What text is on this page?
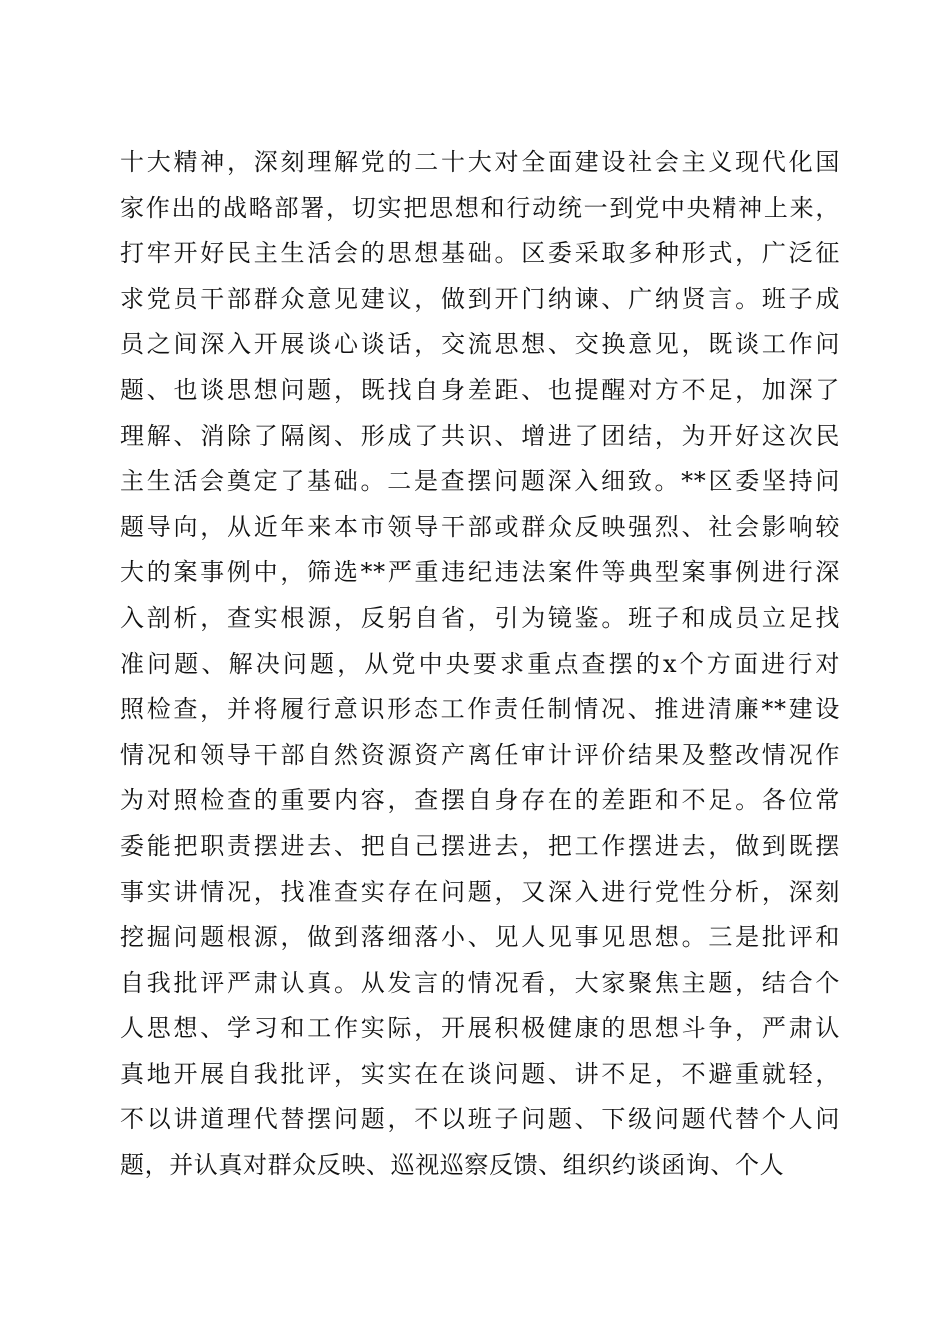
十大精神，深刻理解党的二十大对全面建设社会主义现代化国
家作出的战略部署，切实把思想和行动统一到党中央精神上来，
打牢开好民主生活会的思想基础。区委采取多种形式，广泛征
求党员干部群众意见建议，做到开门纳谏、广纳贤言。班子成
员之间深入开展谈心谈话，交流思想、交换意见，既谈工作问
题、也谈思想问题，既找自身差距、也提醒对方不足，加深了
理解、消除了隔阂、形成了共识、增进了团结，为开好这次民
主生活会奠定了基础。二是查摆问题深入细致。**区委坚持问
题导向，从近年来本市领导干部或群众反映强烈、社会影响较
大的案事例中，筛选**严重违纪违法案件等典型案事例进行深
入剖析，查实根源，反躬自省，引为镜鉴。班子和成员立足找
准问题、解决问题，从党中央要求重点查摆的x个方面进行对
照检查，并将履行意识形态工作责任制情况、推进清廉**建设
情况和领导干部自然资源资产离任审计评价结果及整改情况作
为对照检查的重要内容，查摆自身存在的差距和不足。各位常
委能把职责摆进去、把自己摆进去，把工作摆进去，做到既摆
事实讲情况，找准查实存在问题，又深入进行党性分析，深刻
挖掘问题根源，做到落细落小、见人见事见思想。三是批评和
自我批评严肃认真。从发言的情况看，大家聚焦主题，结合个
人思想、学习和工作实际，开展积极健康的思想斗争，严肃认
真地开展自我批评，实实在在谈问题、讲不足，不避重就轻，
不以讲道理代替摆问题，不以班子问题、下级问题代替个人问
题，并认真对群众反映、巡视巡察反馈、组织约谈函询、个人
